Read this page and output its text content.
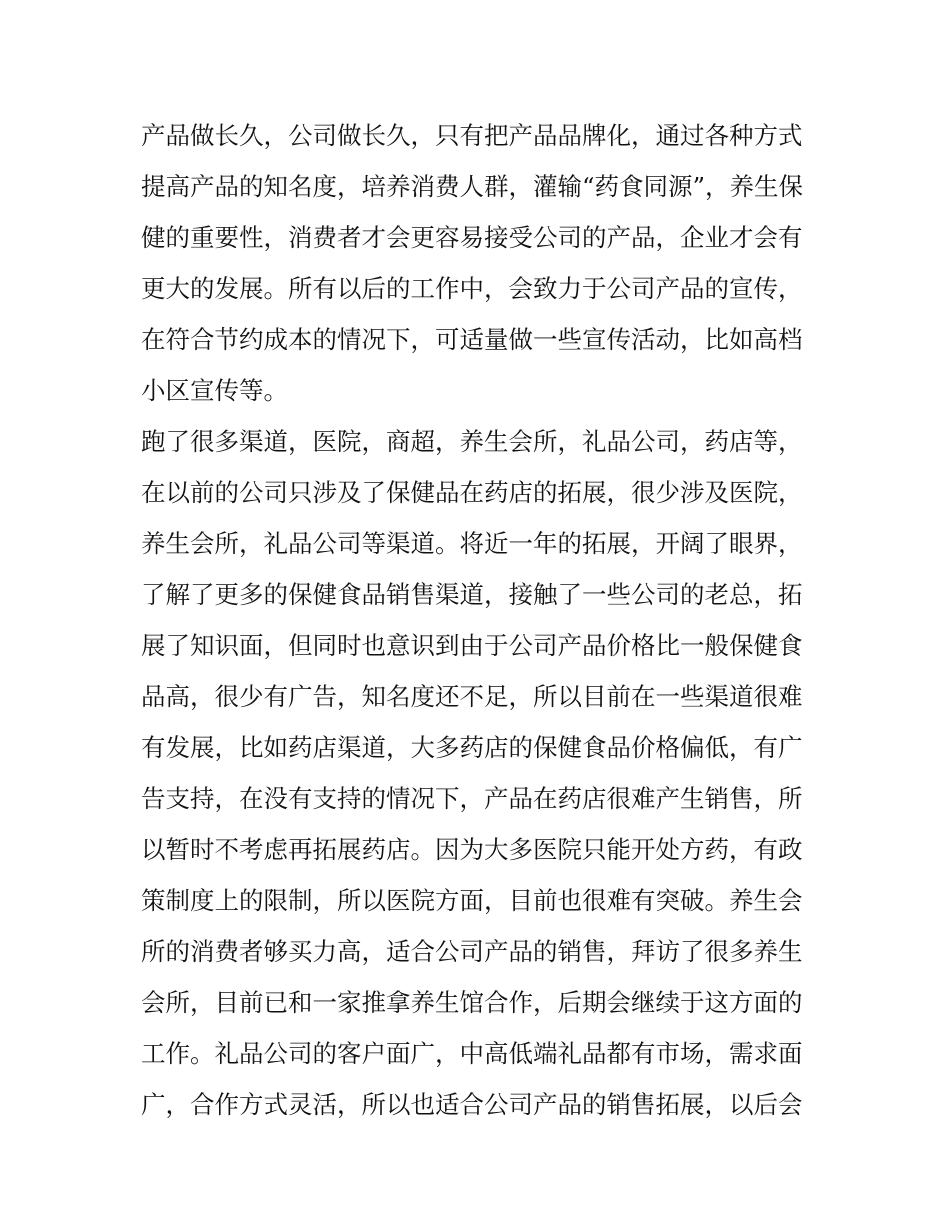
产品做长久，公司做长久，只有把产品品牌化，通过各种方式
提高产品的知名度，培养消费人群，灌输“药食同源”，养生保
健的重要性，消费者才会更容易接受公司的产品，企业才会有
更大的发展。所有以后的工作中，会致力于公司产品的宣传，
在符合节约成本的情况下，可适量做一些宣传活动，比如高档
小区宣传等。
跑了很多渠道，医院，商超，养生会所，礼品公司，药店等，
在以前的公司只涉及了保健品在药店的拓展，很少涉及医院，
养生会所，礼品公司等渠道。将近一年的拓展，开阔了眼界，
了解了更多的保健食品销售渠道，接触了一些公司的老总，拓
展了知识面，但同时也意识到由于公司产品价格比一般保健食
品高，很少有广告，知名度还不足，所以目前在一些渠道很难
有发展，比如药店渠道，大多药店的保健食品价格偏低，有广
告支持，在没有支持的情况下，产品在药店很难产生销售，所
以暂时不考虑再拓展药店。因为大多医院只能开处方药，有政
策制度上的限制，所以医院方面，目前也很难有突破。养生会
所的消费者够买力高，适合公司产品的销售，拜访了很多养生
会所，目前已和一家推拿养生馆合作，后期会继续于这方面的
工作。礼品公司的客户面广，中高低端礼品都有市场，需求面
广，合作方式灵活，所以也适合公司产品的销售拓展，以后会
